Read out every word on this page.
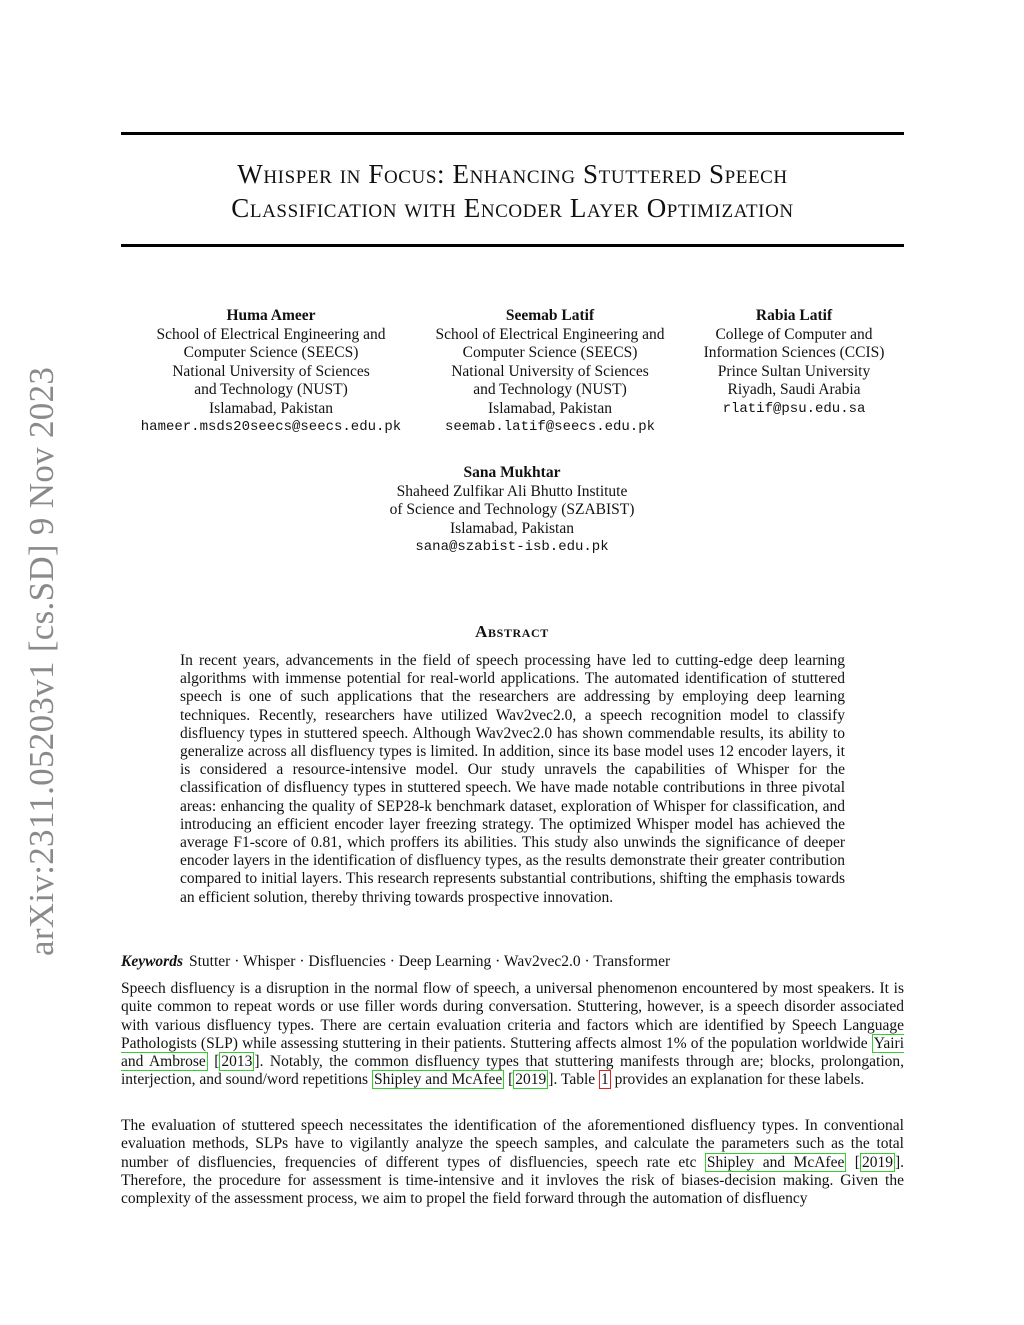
arXiv:2311.05203v1 [cs.SD] 9 Nov 2023
Whisper in Focus: Enhancing Stuttered Speech
Classification with Encoder Layer Optimization
Huma Ameer
School of Electrical Engineering and
Computer Science (SEECS)
National University of Sciences
and Technology (NUST)
Islamabad, Pakistan
hameer.msds20seecs@seecs.edu.pk
Seemab Latif
School of Electrical Engineering and
Computer Science (SEECS)
National University of Sciences
and Technology (NUST)
Islamabad, Pakistan
seemab.latif@seecs.edu.pk
Rabia Latif
College of Computer and
Information Sciences (CCIS)
Prince Sultan University
Riyadh, Saudi Arabia
rlatif@psu.edu.sa
Sana Mukhtar
Shaheed Zulfikar Ali Bhutto Institute
of Science and Technology (SZABIST)
Islamabad, Pakistan
sana@szabist-isb.edu.pk
Abstract

In recent years, advancements in the field of speech processing have led to cutting-edge deep learning algorithms with immense potential for real-world applications. The automated identification of stuttered speech is one of such applications that the researchers are addressing by employing deep learning techniques. Recently, researchers have utilized Wav2vec2.0, a speech recognition model to classify disfluency types in stuttered speech. Although Wav2vec2.0 has shown commendable results, its ability to generalize across all disfluency types is limited. In addition, since its base model uses 12 encoder layers, it is considered a resource-intensive model. Our study unravels the capabilities of Whisper for the classification of disfluency types in stuttered speech. We have made notable contributions in three pivotal areas: enhancing the quality of SEP28-k benchmark dataset, exploration of Whisper for classification, and introducing an efficient encoder layer freezing strategy. The optimized Whisper model has achieved the average F1-score of 0.81, which proffers its abilities. This study also unwinds the significance of deeper encoder layers in the identification of disfluency types, as the results demonstrate their greater contribution compared to initial layers. This research represents substantial contributions, shifting the emphasis towards an efficient solution, thereby thriving towards prospective innovation.

Keywords Stutter · Whisper · Disfluencies · Deep Learning · Wav2vec2.0 · Transformer

Speech disfluency is a disruption in the normal flow of speech, a universal phenomenon encountered by most speakers. It is quite common to repeat words or use filler words during conversation. Stuttering, however, is a speech disorder associated with various disfluency types. There are certain evaluation criteria and factors which are identified by Speech Language Pathologists (SLP) while assessing stuttering in their patients. Stuttering affects almost 1% of the population worldwide Yairi and Ambrose [ 2013 ]. Notably, the common disfluency types that stuttering manifests through are; blocks, prolongation, interjection, and sound/word repetitions Shipley and McAfee [ 2019 ]. Table 1 provides an explanation for these labels.

The evaluation of stuttered speech necessitates the identification of the aforementioned disfluency types. In conventional evaluation methods, SLPs have to vigilantly analyze the speech samples, and calculate the parameters such as the total number of disfluencies, frequencies of different types of disfluencies, speech rate etc Shipley and McAfee [ 2019 ]. Therefore, the procedure for assessment is time-intensive and it invloves the risk of biases-decision making. Given the complexity of the assessment process, we aim to propel the field forward through the automation of disfluency
